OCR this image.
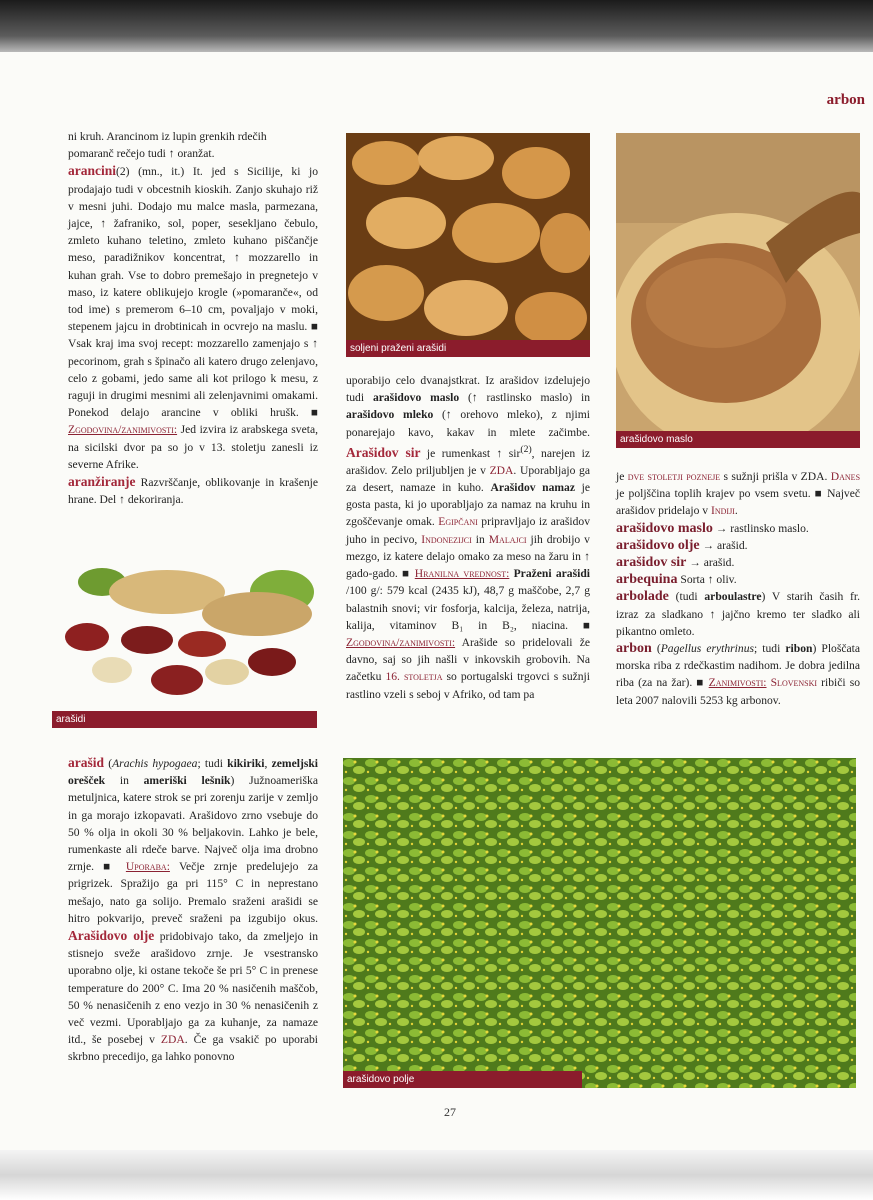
arbon

ni kruh. Arancinom iz lupin grenkih rdečih
pomaranč rečejo tudi ↑ oranžat.

arancini(2) (mn., it.) It. jed s Sicilije, ki jo prodajajo tudi v obcestnih kioskih. Zanjo skuhajo riž v mesni juhi. Dodajo mu malce masla, parmezana, jajce, ↑ žafraniko, sol, poper, sesekljano čebulo, zmleto kuhano teletino, zmleto kuhano piščančje meso, paradižnikov koncentrat, ↑ mozzarello in kuhan grah. Vse to dobro premešajo in pregnetejo v maso, iz katere oblikujejo krogle (»pomaranče«, od tod ime) s premerom 6–10 cm, povaljajo v moki, stepenem jajcu in drobtinicah in ocvrejo na maslu. ■ Vsak kraj ima svoj recept: mozzarello zamenjajo s ↑ pecorinom, grah s špinačo ali katero drugo zelenjavo, celo z gobami, jedo same ali kot prilogo k mesu, z raguji in drugimi mesnimi ali zelenjavnimi omakami. Ponekod delajo arancine v obliki hrušk. ■ Zgodovina/zanimivosti: Jed izvira iz arabskega sveta, na sicilski dvor pa so jo v 13. stoletju zanesli iz severne Afrike.

aranžiranje Razvrščanje, oblikovanje in krašenje hrane. Del ↑ dekoriranja.

arašidi
soljeni praženi arašidi
arašidovo maslo

uporabijo celo dvanajstkrat. Iz arašidov izdelujejo tudi arašidovo maslo (↑ rastlinsko maslo) in arašidovo mleko (↑ orehovo mleko), z njimi ponarejajo kavo, kakav in mlete začimbe. Arašidov sir je rumenkast ↑ sir$^{(2)}$, narejen iz arašidov. Zelo priljubljen je v ZDA. Uporabljajo ga za desert, namaze in kuho. Arašidov namaz je gosta pasta, ki jo uporabljajo za namaz na kruhu in zgoščevanje omak. Egipčani pripravljajo iz arašidov juho in pecivo, Indonezijci in Malajci jih drobijo v mezgo, iz katere delajo omako za meso na žaru in ↑ gado-gado. ■ Hranilna vrednost: Praženi arašidi /100 g/: 579 kcal (2435 kJ), 48,7 g maščobe, 2,7 g balastnih snovi; vir fosforja, kalcija, železa, natrija, kalija, vitaminov B₁ in B₂, niacina. ■ Zgodovina/zanimivosti: Arašide so pridelovali že davno, saj so jih našli v inkovskih grobovih. Na začetku 16. stoletja so portugalski trgovci s sužnji rastlino vzeli s seboj v Afriko, od tam pa

je dve stoletji pozneje s sužnji prišla v ZDA. Danes je poljščina toplih krajev po vsem svetu. ■ Največ arašidov pridelajo v Indiji.

arašidovo maslo → rastlinsko maslo.

arašidovo olje → arašid.

arašidov sir → arašid.

arbequina Sorta ↑ oliv.

arbolade (tudi arboulastre) V starih časih fr. izraz za sladkano ↑ jajčno kremo ter sladko ali pikantno omleto.

arbon (Pagellus erythrinus; tudi ribon) Ploščata morska riba z rdečkastim nadihom. Je dobra jedilna riba (za na žar). ■ Zanimivosti: Slovenski ribiči so leta 2007 nalovili 5253 kg arbonov.

arašid (Arachis hypogaea; tudi kikiriki, zemeljski orešček in ameriški lešnik) Južnoameriška metuljnica, katere strok se pri zorenju zarije v zemljo in ga morajo izkopavati. Arašidovo zrno vsebuje do 50 % olja in okoli 30 % beljakovin. Lahko je bele, rumenkaste ali rdeče barve. Največ olja ima drobno zrnje. ■ Uporaba: Večje zrnje predelujejo za prigrizek. Spražijo ga pri 115° C in neprestano mešajo, nato ga solijo. Premalo sraženi arašidi se hitro pokvarijo, preveč sraženi pa izgubijo okus. Arašidovo olje pridobivajo tako, da zmeljejo in stisnejo sveže arašidovo zrnje. Je vsestransko uporabno olje, ki ostane tekoče še pri 5° C in prenese temperature do 200° C. Ima 20 % nasičenih maščob, 50 % nenasičenih z eno vezjo in 30 % nenasičenih z več vezmi. Uporabljajo ga za kuhanje, za namaze itd., še posebej v ZDA. Če ga vsakič po uporabi skrbno precedijo, ga lahko ponovno

arašidovo polje
27
